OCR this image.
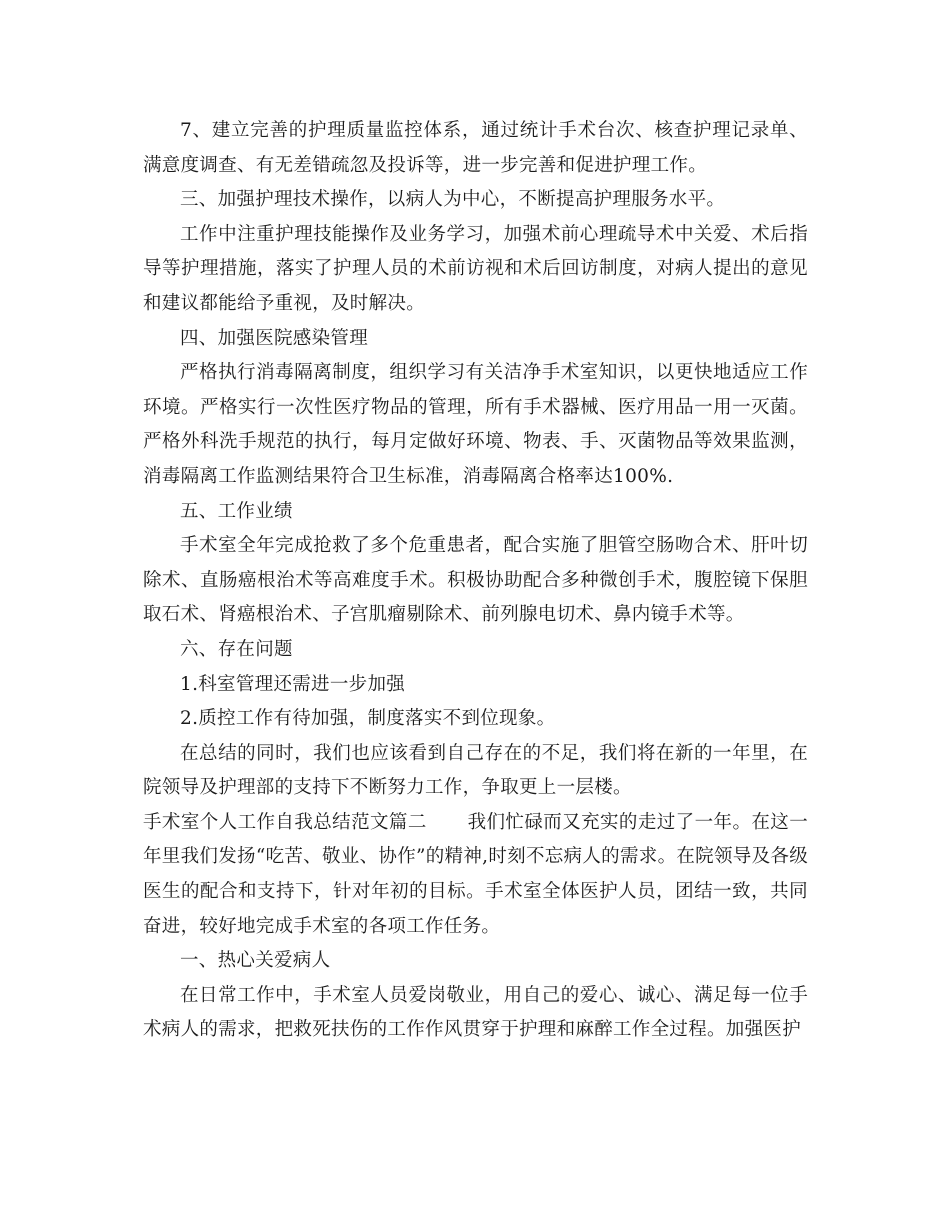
7、建立完善的护理质量监控体系，通过统计手术台次、核查护理记录单、满意度调查、有无差错疏忽及投诉等，进一步完善和促进护理工作。

三、加强护理技术操作，以病人为中心，不断提高护理服务水平。

工作中注重护理技能操作及业务学习，加强术前心理疏导术中关爱、术后指导等护理措施，落实了护理人员的术前访视和术后回访制度，对病人提出的意见和建议都能给予重视，及时解决。

四、加强医院感染管理

严格执行消毒隔离制度，组织学习有关洁净手术室知识，以更快地适应工作环境。严格实行一次性医疗物品的管理，所有手术器械、医疗用品一用一灭菌。严格外科洗手规范的执行，每月定做好环境、物表、手、灭菌物品等效果监测，消毒隔离工作监测结果符合卫生标准，消毒隔离合格率达100%.

五、工作业绩

手术室全年完成抢救了多个危重患者，配合实施了胆管空肠吻合术、肝叶切除术、直肠癌根治术等高难度手术。积极协助配合多种微创手术，腹腔镜下保胆取石术、肾癌根治术、子宫肌瘤剔除术、前列腺电切术、鼻内镜手术等。

六、存在问题

1.科室管理还需进一步加强

2.质控工作有待加强，制度落实不到位现象。

在总结的同时，我们也应该看到自己存在的不足，我们将在新的一年里，在院领导及护理部的支持下不断努力工作，争取更上一层楼。

手术室个人工作自我总结范文篇二 我们忙碌而又充实的走过了一年。在这一年里我们发扬“吃苦、敬业、协作”的精神,时刻不忘病人的需求。在院领导及各级医生的配合和支持下，针对年初的目标。手术室全体医护人员，团结一致，共同奋进，较好地完成手术室的各项工作任务。

一、热心关爱病人

在日常工作中，手术室人员爱岗敬业，用自己的爱心、诚心、满足每一位手术病人的需求，把救死扶伤的工作作风贯穿于护理和麻醉工作全过程。加强医护
